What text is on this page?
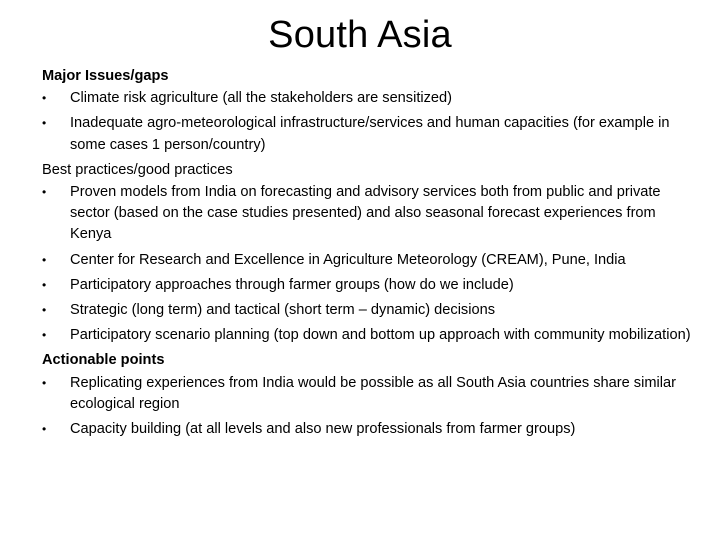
South Asia
Major Issues/gaps
•	Climate risk agriculture (all the stakeholders are sensitized)
•	Inadequate agro-meteorological infrastructure/services and human capacities (for example in some cases 1 person/country)
Best practices/good practices
•	Proven models from India on forecasting and advisory services both from public and private sector (based on the case studies presented) and also seasonal forecast experiences from Kenya
•	Center for Research and Excellence in Agriculture Meteorology (CREAM), Pune, India
•	Participatory approaches through farmer groups (how do we include)
•	Strategic (long term) and tactical (short term – dynamic) decisions
•	Participatory scenario planning (top down and bottom up approach with community mobilization)
Actionable points
•	Replicating experiences from India would be possible as all South Asia countries share similar ecological region
•	Capacity building (at all levels and also new professionals from farmer groups)
